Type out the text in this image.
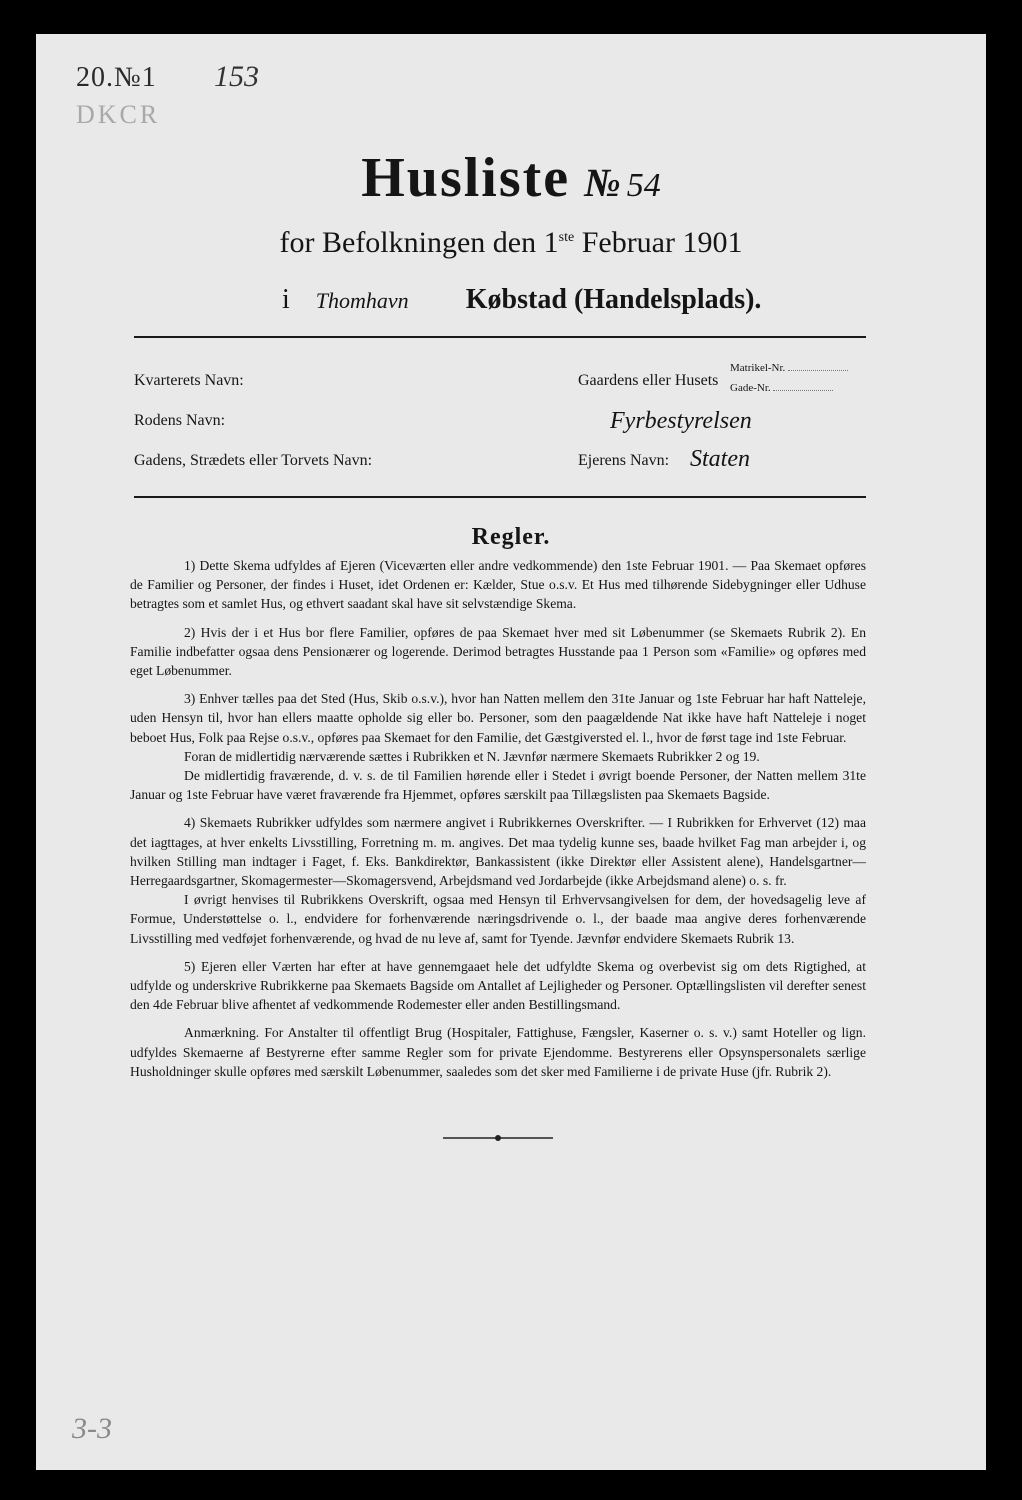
20.№1 153
DKCR
Husliste № 54
for Befolkningen den 1ste Februar 1901
i Thomhavn Købstad (Handelsplads).
Kvarterets Navn:
Rodens Navn:
Gadens, Strædets eller Torvets Navn:
Gaardens eller Husets
Matrikel-Nr.
Gade-Nr.
Fyrbestyrelsen
Ejerens Navn: Staten
Regler.

1) Dette Skema udfyldes af Ejeren (Viceværten eller andre vedkommende) den 1ste Februar 1901. — Paa Skemaet opføres de Familier og Personer, der findes i Huset, idet Ordenen er: Kælder, Stue o.s.v. Et Hus med tilhørende Sidebygninger eller Udhuse betragtes som et samlet Hus, og ethvert saadant skal have sit selvstændige Skema.

2) Hvis der i et Hus bor flere Familier, opføres de paa Skemaet hver med sit Løbenummer (se Skemaets Rubrik 2). En Familie indbefatter ogsaa dens Pensionærer og logerende. Derimod betragtes Husstande paa 1 Person som «Familie» og opføres med eget Løbenummer.

3) Enhver tælles paa det Sted (Hus, Skib o.s.v.), hvor han Natten mellem den 31te Januar og 1ste Februar har haft Natteleje, uden Hensyn til, hvor han ellers maatte opholde sig eller bo. Personer, som den paagældende Nat ikke have haft Natteleje i noget beboet Hus, Folk paa Rejse o.s.v., opføres paa Skemaet for den Familie, det Gæstgiversted el. l., hvor de først tage ind 1ste Februar.

Foran de midlertidig nærværende sættes i Rubrikken et N. Jævnfør nærmere Skemaets Rubrikker 2 og 19.

De midlertidig fraværende, d. v. s. de til Familien hørende eller i Stedet i øvrigt boende Personer, der Natten mellem 31te Januar og 1ste Februar have været fraværende fra Hjemmet, opføres særskilt paa Tillægslisten paa Skemaets Bagside.

4) Skemaets Rubrikker udfyldes som nærmere angivet i Rubrikkernes Overskrifter. — I Rubrikken for Erhvervet (12) maa det iagttages, at hver enkelts Livsstilling, Forretning m. m. angives. Det maa tydelig kunne ses, baade hvilket Fag man arbejder i, og hvilken Stilling man indtager i Faget, f. Eks. Bankdirektør, Bankassistent (ikke Direktør eller Assistent alene), Handelsgartner—Herregaardsgartner, Skomagermester—Skomagersvend, Arbejdsmand ved Jordarbejde (ikke Arbejdsmand alene) o. s. fr.

I øvrigt henvises til Rubrikkens Overskrift, ogsaa med Hensyn til Erhvervsangivelsen for dem, der hovedsagelig leve af Formue, Understøttelse o. l., endvidere for forhenværende næringsdrivende o. l., der baade maa angive deres forhenværende Livsstilling med vedføjet forhenværende, og hvad de nu leve af, samt for Tyende. Jævnfør endvidere Skemaets Rubrik 13.

5) Ejeren eller Værten har efter at have gennemgaaet hele det udfyldte Skema og overbevist sig om dets Rigtighed, at udfylde og underskrive Rubrikkerne paa Skemaets Bagside om Antallet af Lejligheder og Personer. Optællingslisten vil derefter senest den 4de Februar blive afhentet af vedkommende Rodemester eller anden Bestillingsmand.

Anmærkning. For Anstalter til offentligt Brug (Hospitaler, Fattighuse, Fængsler, Kaserner o. s. v.) samt Hoteller og lign. udfyldes Skemaerne af Bestyrerne efter samme Regler som for private Ejendomme. Bestyrerens eller Opsynspersonalets særlige Husholdninger skulle opføres med særskilt Løbenummer, saaledes som det sker med Familierne i de private Huse (jfr. Rubrik 2).

3-3
